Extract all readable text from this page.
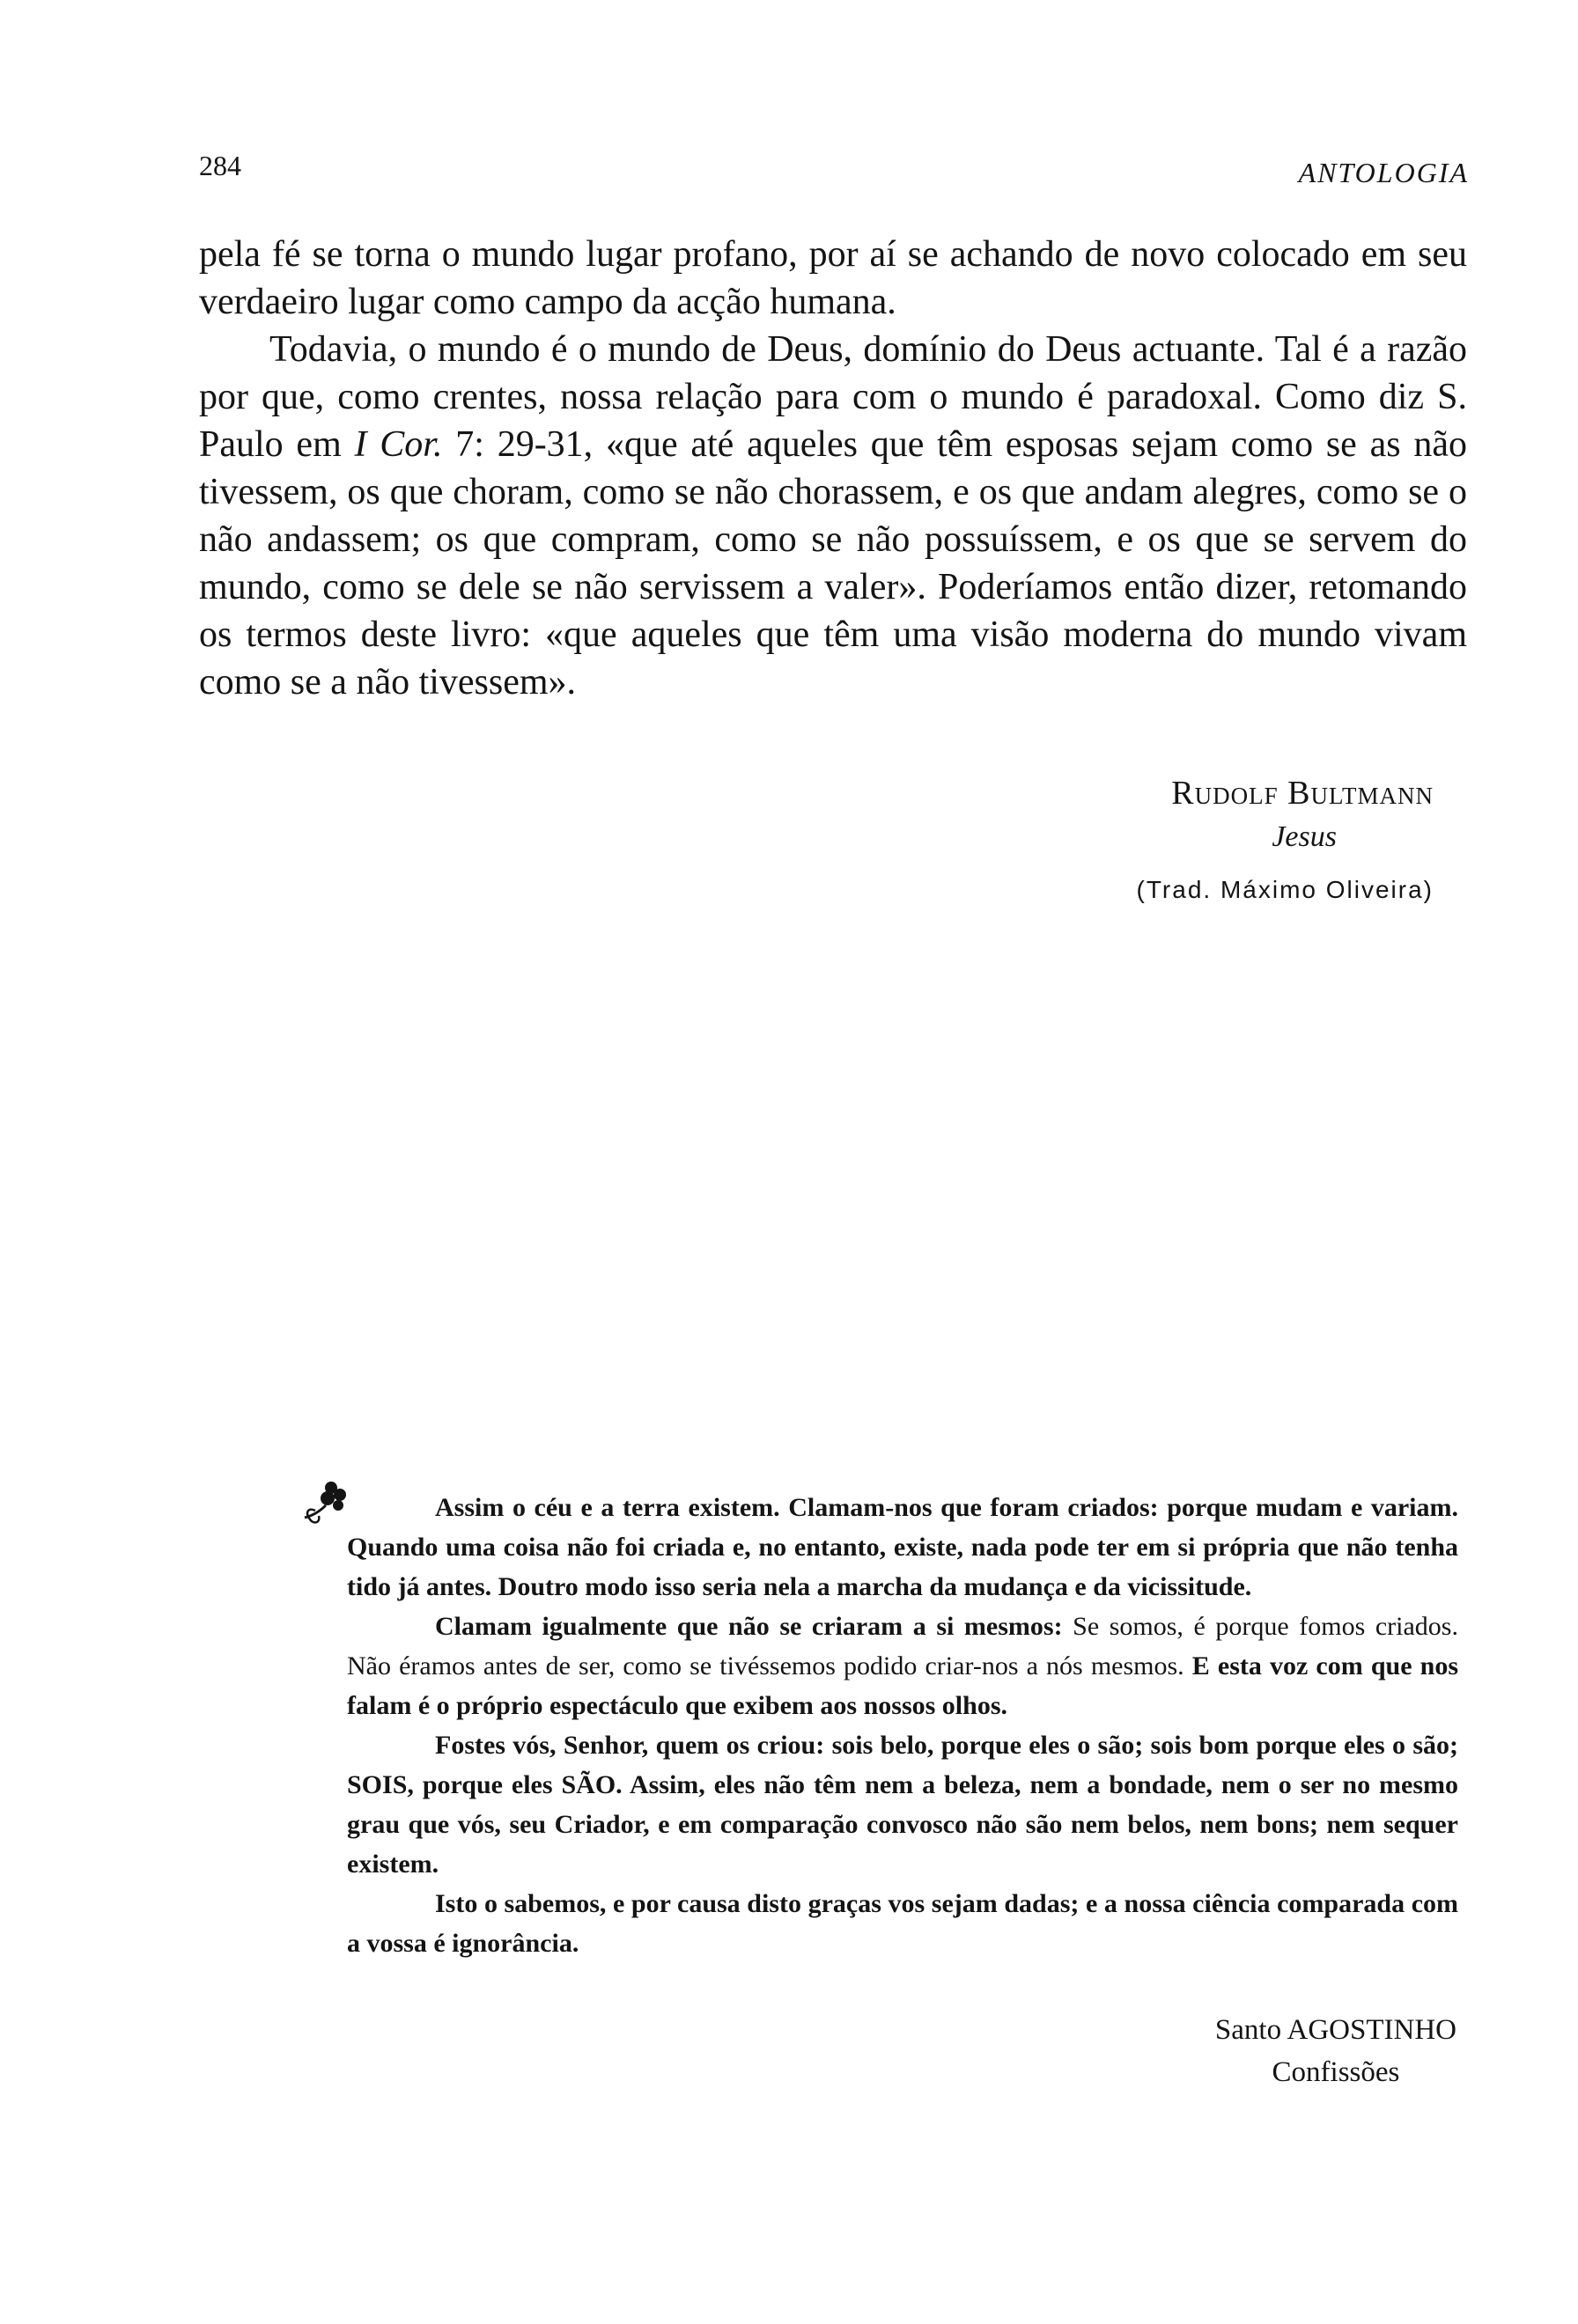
284	ANTOLOGIA

pela fé se torna o mundo lugar profano, por aí se achando de novo colocado em seu verdaeiro lugar como campo da acção humana.

Todavia, o mundo é o mundo de Deus, domínio do Deus actuante. Tal é a razão por que, como crentes, nossa relação para com o mundo é paradoxal. Como diz S. Paulo em I Cor. 7: 29-31, «que até aqueles que têm esposas sejam como se as não tivessem, os que choram, como se não chorassem, e os que andam alegres, como se o não andassem; os que compram, como se não possuíssem, e os que se servem do mundo, como se dele se não servissem a valer». Poderíamos então dizer, retomando os termos deste livro: «que aqueles que têm uma visão moderna do mundo vivam como se a não tivessem».

Rudolf Bultmann
Jesus
(Trad. Máximo Oliveira)

Assim o céu e a terra existem. Clamam-nos que foram criados: porque mudam e variam. Quando uma coisa não foi criada e, no entanto, existe, nada pode ter em si própria que não tenha tido já antes. Doutro modo isso seria nela a marcha da mudança e da vicissitude.

Clamam igualmente que não se criaram a si mesmos: Se somos, é porque fomos criados. Não éramos antes de ser, como se tivéssemos podido criar-nos a nós mesmos. E esta voz com que nos falam é o próprio espectáculo que exibem aos nossos olhos.

Fostes vós, Senhor, quem os criou: sois belo, porque eles o são; sois bom porque eles o são; SOIS, porque eles SÃO. Assim, eles não têm nem a beleza, nem a bondade, nem o ser no mesmo grau que vós, seu Criador, e em comparação convosco não são nem belos, nem bons; nem sequer existem.

Isto o sabemos, e por causa disto graças vos sejam dadas; e a nossa ciência comparada com a vossa é ignorância.

Santo AGOSTINHO
Confissões
